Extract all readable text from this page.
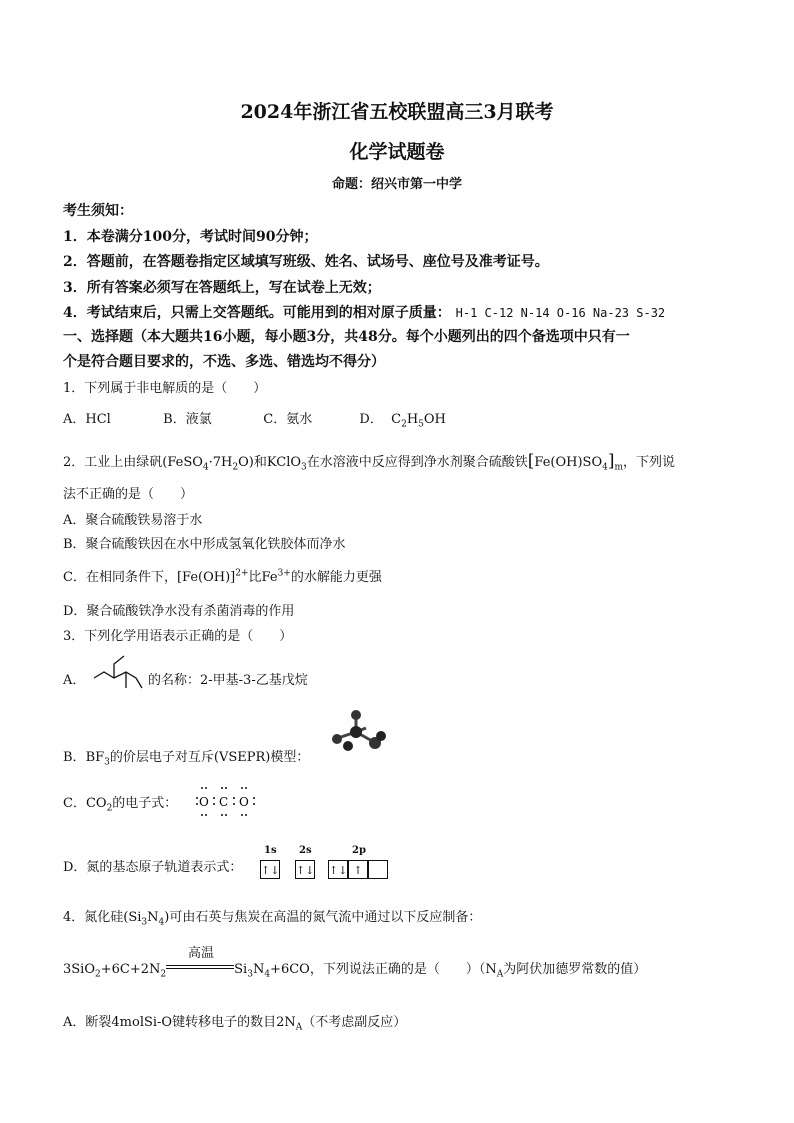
2024年浙江省五校联盟高三3月联考
化学试题卷
命题：绍兴市第一中学
考生须知：
1．本卷满分100分，考试时间90分钟；
2．答题前，在答题卷指定区域填写班级、姓名、试场号、座位号及准考证号。
3．所有答案必须写在答题纸上，写在试卷上无效；
4．考试结束后，只需上交答题纸。可能用到的相对原子质量： H-1 C-12 N-14 O-16 Na-23 S-32
一、选择题（本大题共16小题，每小题3分，共48分。每个小题列出的四个备选项中只有一
个是符合题目要求的，不选、多选、错选均不得分）
1．下列属于非电解质的是（　　）
A．HCl	B．液氯	C．氨水	D． $C_2H_5OH$
2．工业上由绿矾$(FeSO_4\cdot 7H_2O)$和KClO$_3$在水溶液中反应得到净水剂聚合硫酸铁$[Fe(OH)SO_4]_m$，下列说
法不正确的是（　　）
A．聚合硫酸铁易溶于水
B．聚合硫酸铁因在水中形成氢氧化铁胶体而净水
C．在相同条件下，$[Fe(OH)]^{2+}$比$Fe^{3+}$的水解能力更强
D．聚合硫酸铁净水没有杀菌消毒的作用
3．下列化学用语表示正确的是（　　）
A．	的名称：2-甲基-3-乙基戊烷
B．$BF_3$的价层电子对互斥(VSEPR)模型：
C．$CO_2$的电子式： O C O
D．氮的基态原子轨道表示式：
1s 2s	2p
↑↓ ↑↓ ↑↓ ↑
4．氮化硅$(Si_3N_4)$可由石英与焦炭在高温的氮气流中通过以下反应制备：
高温
$3SiO_2+6C+2N_2$	$Si_3N_4+6CO$，下列说法正确的是（　　）（$N_A$为阿伏加德罗常数的值）
A．断裂4molSi-O键转移电子的数目$2N_A$（不考虑副反应）
